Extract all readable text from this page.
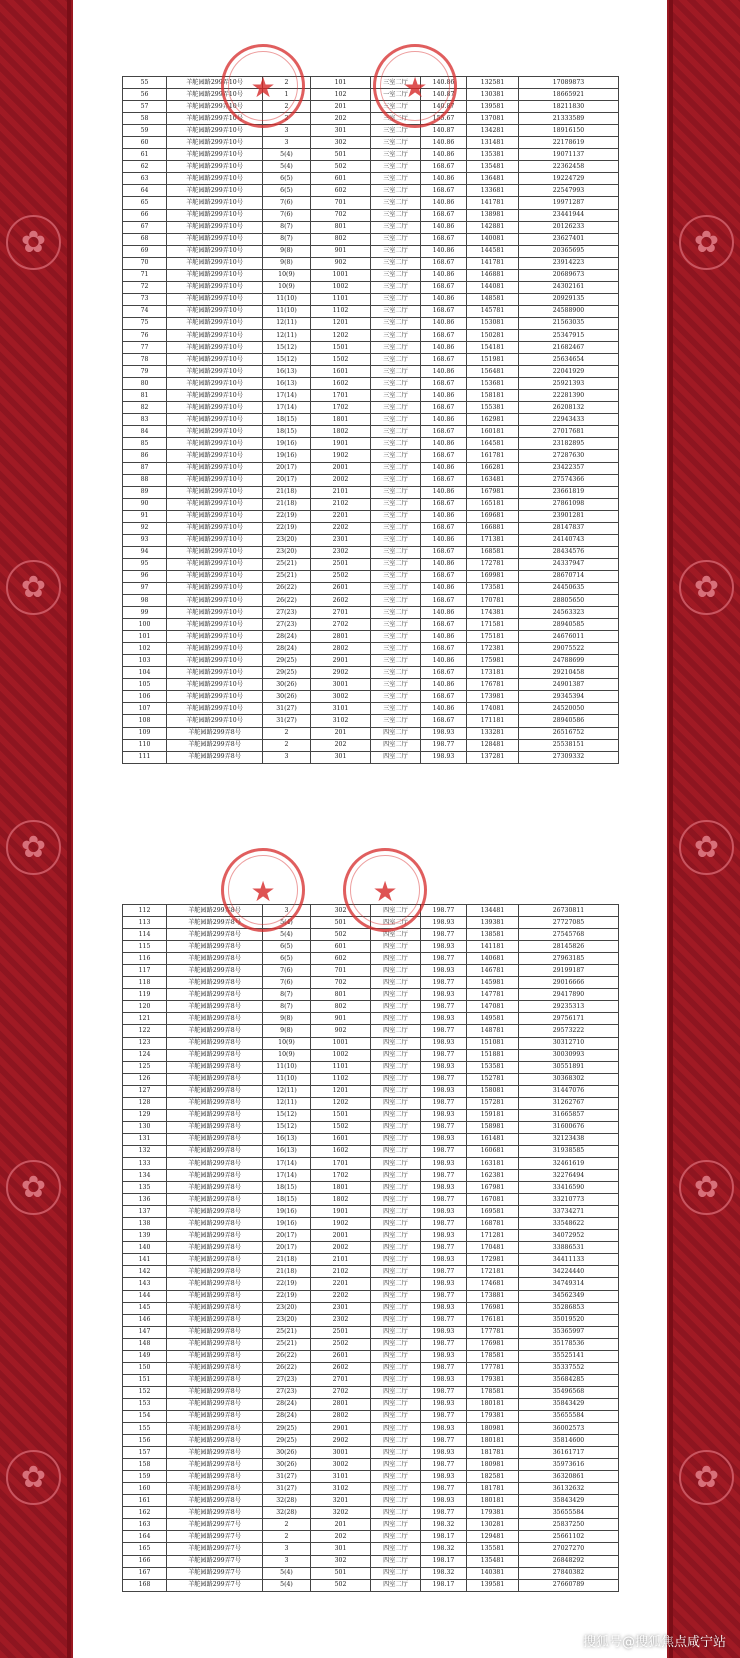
✿
✿
✿
✿
✿
✿
✿
✿
✿
✿
55	羊舵园路299弄10号	2	101	三室二厅	140.86	132581	17089873
56	羊舵园路299弄10号	1	102	一室二厅	140.87	130381	18665921
57	羊舵园路299弄10号	2	201	三室二厅	140.87	139581	18211830
58	羊舵园路299弄10号	2	202	三室二厅	155.67	137081	21333589
59	羊舵园路299弄10号	3	301	三室二厅	140.87	134281	18916150
60	羊舵园路299弄10号	3	302	三室二厅	140.86	131481	22178619
61	羊舵园路299弄10号	5(4)	501	三室二厅	140.86	135381	19071137
62	羊舵园路299弄10号	5(4)	502	三室二厅	168.67	135481	22362458
63	羊舵园路299弄10号	6(5)	601	三室二厅	140.86	136481	19224729
64	羊舵园路299弄10号	6(5)	602	三室二厅	168.67	133681	22547993
65	羊舵园路299弄10号	7(6)	701	三室二厅	140.86	141781	19971287
66	羊舵园路299弄10号	7(6)	702	三室二厅	168.67	138981	23441944
67	羊舵园路299弄10号	8(7)	801	三室二厅	140.86	142881	20126233
68	羊舵园路299弄10号	8(7)	802	三室二厅	168.67	140081	23627401
69	羊舵园路299弄10号	9(8)	901	三室二厅	140.86	144581	20365695
70	羊舵园路299弄10号	9(8)	902	三室二厅	168.67	141781	23914223
71	羊舵园路299弄10号	10(9)	1001	三室二厅	140.86	146881	20689673
72	羊舵园路299弄10号	10(9)	1002	三室二厅	168.67	144081	24302161
73	羊舵园路299弄10号	11(10)	1101	三室二厅	140.86	148581	20929135
74	羊舵园路299弄10号	11(10)	1102	三室二厅	168.67	145781	24588900
75	羊舵园路299弄10号	12(11)	1201	三室二厅	140.86	153081	21563035
76	羊舵园路299弄10号	12(11)	1202	三室二厅	168.67	150281	25347915
77	羊舵园路299弄10号	15(12)	1501	三室二厅	140.86	154181	21682467
78	羊舵园路299弄10号	15(12)	1502	三室二厅	168.67	151981	25634654
79	羊舵园路299弄10号	16(13)	1601	三室二厅	140.86	156481	22041929
80	羊舵园路299弄10号	16(13)	1602	三室二厅	168.67	153681	25921393
81	羊舵园路299弄10号	17(14)	1701	三室二厅	140.86	158181	22281390
82	羊舵园路299弄10号	17(14)	1702	三室二厅	168.67	155381	26208132
83	羊舵园路299弄10号	18(15)	1801	三室二厅	140.86	162981	22943433
84	羊舵园路299弄10号	18(15)	1802	三室二厅	168.67	160181	27017681
85	羊舵园路299弄10号	19(16)	1901	三室二厅	140.86	164581	23182895
86	羊舵园路299弄10号	19(16)	1902	三室二厅	168.67	161781	27287630
87	羊舵园路299弄10号	20(17)	2001	三室二厅	140.86	166281	23422357
88	羊舵园路299弄10号	20(17)	2002	三室二厅	168.67	163481	27574366
89	羊舵园路299弄10号	21(18)	2101	三室二厅	140.86	167981	23661819
90	羊舵园路299弄10号	21(18)	2102	三室二厅	168.67	165181	27861098
91	羊舵园路299弄10号	22(19)	2201	三室二厅	140.86	169681	23901281
92	羊舵园路299弄10号	22(19)	2202	三室二厅	168.67	166881	28147837
93	羊舵园路299弄10号	23(20)	2301	三室二厅	140.86	171381	24140743
94	羊舵园路299弄10号	23(20)	2302	三室二厅	168.67	168581	28434576
95	羊舵园路299弄10号	25(21)	2501	三室二厅	140.86	172781	24337947
96	羊舵园路299弄10号	25(21)	2502	三室二厅	168.67	169981	28670714
97	羊舵园路299弄10号	26(22)	2601	三室二厅	140.86	173581	24450635
98	羊舵园路299弄10号	26(22)	2602	三室二厅	168.67	170781	28805650
99	羊舵园路299弄10号	27(23)	2701	三室二厅	140.86	174381	24563323
100	羊舵园路299弄10号	27(23)	2702	三室二厅	168.67	171581	28940585
101	羊舵园路299弄10号	28(24)	2801	三室二厅	140.86	175181	24676011
102	羊舵园路299弄10号	28(24)	2802	三室二厅	168.67	172381	29075522
103	羊舵园路299弄10号	29(25)	2901	三室二厅	140.86	175981	24788699
104	羊舵园路299弄10号	29(25)	2902	三室二厅	168.67	173181	29210458
105	羊舵园路299弄10号	30(26)	3001	三室二厅	140.86	176781	24901387
106	羊舵园路299弄10号	30(26)	3002	三室二厅	168.67	173981	29345394
107	羊舵园路299弄10号	31(27)	3101	三室二厅	140.86	174081	24520050
108	羊舵园路299弄10号	31(27)	3102	三室二厅	168.67	171181	28940586
109	羊舵园路299弄8号	2	201	四室二厅	198.93	133281	26516752
110	羊舵园路299弄8号	2	202	四室二厅	198.77	128481	25538151
111	羊舵园路299弄8号	3	301	四室二厅	198.93	137281	27309332
★	★
112	羊舵园路299弄8号	3	302	四室二厅	198.77	134481	26730811
113	羊舵园路299弄8号	5(4)	501	四室二厅	198.93	139381	27727085
114	羊舵园路299弄8号	5(4)	502	四室二厅	198.77	138581	27545768
115	羊舵园路299弄8号	6(5)	601	四室二厅	198.93	141181	28145826
116	羊舵园路299弄8号	6(5)	602	四室二厅	198.77	140681	27963185
117	羊舵园路299弄8号	7(6)	701	四室二厅	198.93	146781	29199187
118	羊舵园路299弄8号	7(6)	702	四室二厅	198.77	145981	29016666
119	羊舵园路299弄8号	8(7)	801	四室二厅	198.93	147781	29417890
120	羊舵园路299弄8号	8(7)	802	四室二厅	198.77	147081	29235313
121	羊舵园路299弄8号	9(8)	901	四室二厅	198.93	149581	29756171
122	羊舵园路299弄8号	9(8)	902	四室二厅	198.77	148781	29573222
123	羊舵园路299弄8号	10(9)	1001	四室二厅	198.93	151081	30312710
124	羊舵园路299弄8号	10(9)	1002	四室二厅	198.77	151881	30030993
125	羊舵园路299弄8号	11(10)	1101	四室二厅	198.93	153581	30551891
126	羊舵园路299弄8号	11(10)	1102	四室二厅	198.77	152781	30368302
127	羊舵园路299弄8号	12(11)	1201	四室二厅	198.93	158081	31447076
128	羊舵园路299弄8号	12(11)	1202	四室二厅	198.77	157281	31262767
129	羊舵园路299弄8号	15(12)	1501	四室二厅	198.93	159181	31665857
130	羊舵园路299弄8号	15(12)	1502	四室二厅	198.77	158981	31600676
131	羊舵园路299弄8号	16(13)	1601	四室二厅	198.93	161481	32123438
132	羊舵园路299弄8号	16(13)	1602	四室二厅	198.77	160681	31938585
133	羊舵园路299弄8号	17(14)	1701	四室二厅	198.93	163181	32461619
134	羊舵园路299弄8号	17(14)	1702	四室二厅	198.77	162381	32276494
135	羊舵园路299弄8号	18(15)	1801	四室二厅	198.93	167981	33416590
136	羊舵园路299弄8号	18(15)	1802	四室二厅	198.77	167081	33210773
137	羊舵园路299弄8号	19(16)	1901	四室二厅	198.93	169581	33734271
138	羊舵园路299弄8号	19(16)	1902	四室二厅	198.77	168781	33548622
139	羊舵园路299弄8号	20(17)	2001	四室二厅	198.93	171281	34072952
140	羊舵园路299弄8号	20(17)	2002	四室二厅	198.77	170481	33886531
141	羊舵园路299弄8号	21(18)	2101	四室二厅	198.93	172981	34411133
142	羊舵园路299弄8号	21(18)	2102	四室二厅	198.77	172181	34224440
143	羊舵园路299弄8号	22(19)	2201	四室二厅	198.93	174681	34749314
144	羊舵园路299弄8号	22(19)	2202	四室二厅	198.77	173881	34562349
145	羊舵园路299弄8号	23(20)	2301	四室二厅	198.93	176981	35286853
146	羊舵园路299弄8号	23(20)	2302	四室二厅	198.77	176181	35019520
147	羊舵园路299弄8号	25(21)	2501	四室二厅	198.93	177781	35365997
148	羊舵园路299弄8号	25(21)	2502	四室二厅	198.77	176981	35178536
149	羊舵园路299弄8号	26(22)	2601	四室二厅	198.93	178581	35525141
150	羊舵园路299弄8号	26(22)	2602	四室二厅	198.77	177781	35337552
151	羊舵园路299弄8号	27(23)	2701	四室二厅	198.93	179381	35684285
152	羊舵园路299弄8号	27(23)	2702	四室二厅	198.77	178581	35496568
153	羊舵园路299弄8号	28(24)	2801	四室二厅	198.93	180181	35843429
154	羊舵园路299弄8号	28(24)	2802	四室二厅	198.77	179381	35655584
155	羊舵园路299弄8号	29(25)	2901	四室二厅	198.93	180981	36002573
156	羊舵园路299弄8号	29(25)	2902	四室二厅	198.77	180181	35814600
157	羊舵园路299弄8号	30(26)	3001	四室二厅	198.93	181781	36161717
158	羊舵园路299弄8号	30(26)	3002	四室二厅	198.77	180981	35973616
159	羊舵园路299弄8号	31(27)	3101	四室二厅	198.93	182581	36320861
160	羊舵园路299弄8号	31(27)	3102	四室二厅	198.77	181781	36132632
161	羊舵园路299弄8号	32(28)	3201	四室二厅	198.93	180181	35843429
162	羊舵园路299弄8号	32(28)	3202	四室二厅	198.77	179381	35655584
163	羊舵园路299弄7号	2	201	四室二厅	198.32	130281	25837250
164	羊舵园路299弄7号	2	202	四室二厅	198.17	129481	25661102
165	羊舵园路299弄7号	3	301	四室二厅	198.32	135581	27027270
166	羊舵园路299弄7号	3	302	四室二厅	198.17	135481	26848292
167	羊舵园路299弄7号	5(4)	501	四室二厅	198.32	140381	27840382
168	羊舵园路299弄7号	5(4)	502	四室二厅	198.17	139581	27660789
★	★
搜狐号@搜狐焦点咸宁站
